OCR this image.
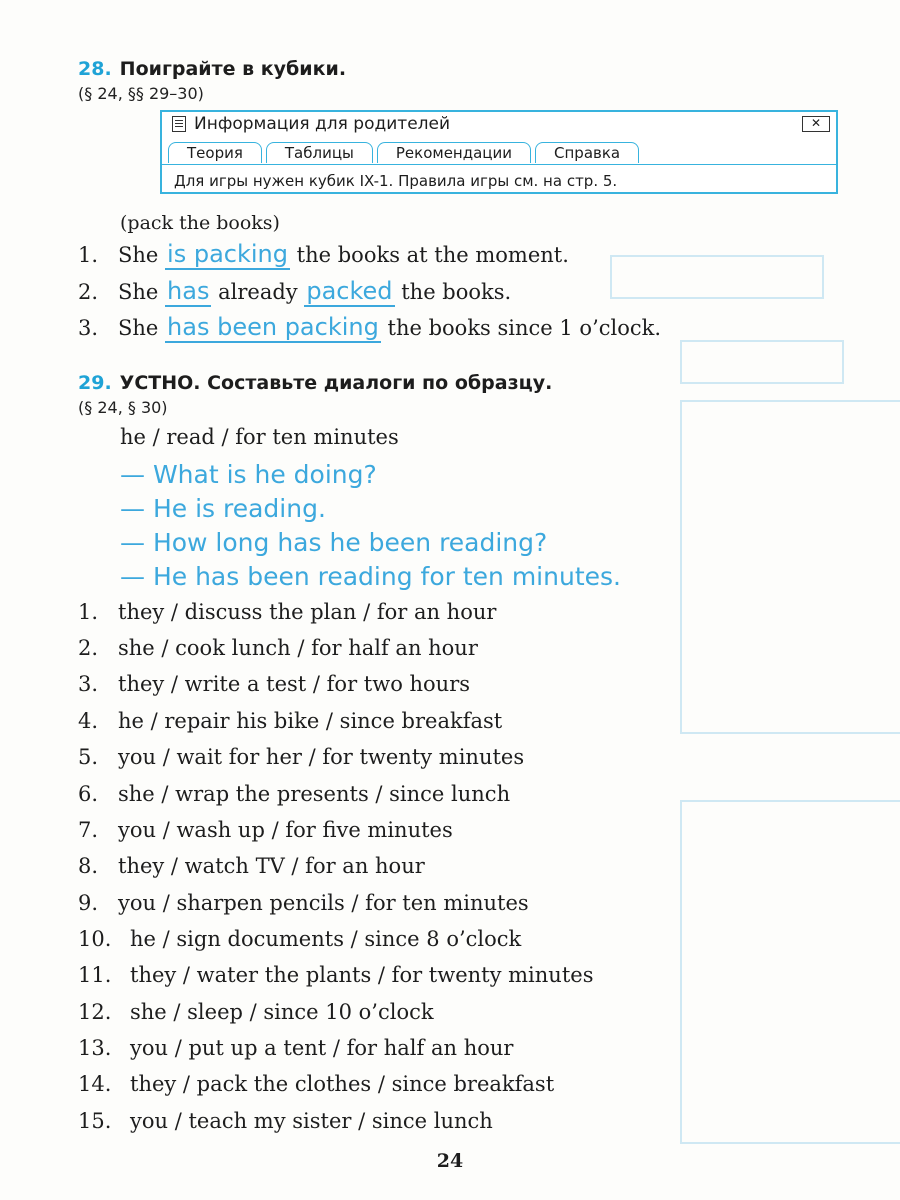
28. Поиграйте в кубики.
(§ 24, §§ 29–30)
Информация для родителей	✕
Теория	Таблицы	Рекомендации	Справка
Для игры нужен кубик IX-1. Правила игры см. на стр. 5.
(pack the books)
1. She is packing the books at the moment.
2. She has already packed the books.
3. She has been packing the books since 1 o’clock.
29. УСТНО. Составьте диалоги по образцу.
(§ 24, § 30)
he / read / for ten minutes
— What is he doing?
— He is reading.
— How long has he been reading?
— He has been reading for ten minutes.
1. they / discuss the plan / for an hour
2. she / cook lunch / for half an hour
3. they / write a test / for two hours
4. he / repair his bike / since breakfast
5. you / wait for her / for twenty minutes
6. she / wrap the presents / since lunch
7. you / wash up / for five minutes
8. they / watch TV / for an hour
9. you / sharpen pencils / for ten minutes
10. he / sign documents / since 8 o’clock
11. they / water the plants / for twenty minutes
12. she / sleep / since 10 o’clock
13. you / put up a tent / for half an hour
14. they / pack the clothes / since breakfast
15. you / teach my sister / since lunch
24
